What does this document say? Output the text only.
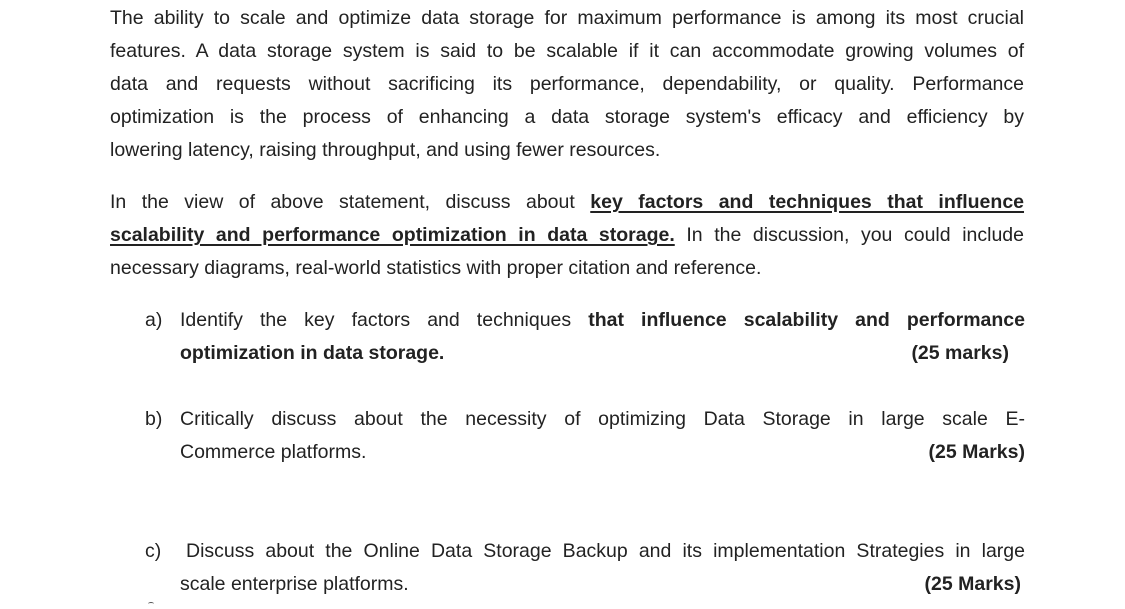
The ability to scale and optimize data storage for maximum performance is among its most crucial
features. A data storage system is said to be scalable if it can accommodate growing volumes of
data and requests without sacrificing its performance, dependability, or quality. Performance
optimization is the process of enhancing a data storage system's efficacy and efficiency by
lowering latency, raising throughput, and using fewer resources.
In the view of above statement, discuss about key factors and techniques that influence
scalability and performance optimization in data storage. In the discussion, you could include
necessary diagrams, real-world statistics with proper citation and reference.
a) Identify the key factors and techniques that influence scalability and performance
optimization in data storage.	(25 marks)
b) Critically discuss about the necessity of optimizing Data Storage in large scale E-
Commerce platforms.	(25 Marks)
c)	Discuss about the Online Data Storage Backup and its implementation Strategies in large
scale enterprise platforms.	(25 Marks)
